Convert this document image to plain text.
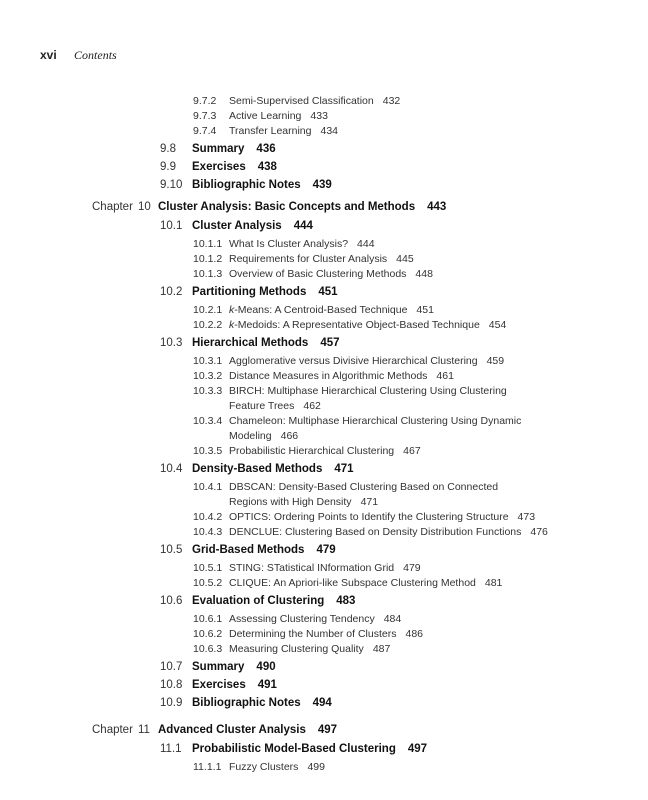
xvi Contents
9.7.2 Semi-Supervised Classification 432
9.7.3 Active Learning 433
9.7.4 Transfer Learning 434
9.8 Summary 436
9.9 Exercises 438
9.10 Bibliographic Notes 439
Chapter 10 Cluster Analysis: Basic Concepts and Methods 443
10.1 Cluster Analysis 444
10.1.1 What Is Cluster Analysis? 444
10.1.2 Requirements for Cluster Analysis 445
10.1.3 Overview of Basic Clustering Methods 448
10.2 Partitioning Methods 451
10.2.1 k-Means: A Centroid-Based Technique 451
10.2.2 k-Medoids: A Representative Object-Based Technique 454
10.3 Hierarchical Methods 457
10.3.1 Agglomerative versus Divisive Hierarchical Clustering 459
10.3.2 Distance Measures in Algorithmic Methods 461
10.3.3 BIRCH: Multiphase Hierarchical Clustering Using Clustering
Feature Trees 462
10.3.4 Chameleon: Multiphase Hierarchical Clustering Using Dynamic
Modeling 466
10.3.5 Probabilistic Hierarchical Clustering 467
10.4 Density-Based Methods 471
10.4.1 DBSCAN: Density-Based Clustering Based on Connected
Regions with High Density 471
10.4.2 OPTICS: Ordering Points to Identify the Clustering Structure 473
10.4.3 DENCLUE: Clustering Based on Density Distribution Functions 476
10.5 Grid-Based Methods 479
10.5.1 STING: STatistical INformation Grid 479
10.5.2 CLIQUE: An Apriori-like Subspace Clustering Method 481
10.6 Evaluation of Clustering 483
10.6.1 Assessing Clustering Tendency 484
10.6.2 Determining the Number of Clusters 486
10.6.3 Measuring Clustering Quality 487
10.7 Summary 490
10.8 Exercises 491
10.9 Bibliographic Notes 494
Chapter 11 Advanced Cluster Analysis 497
11.1 Probabilistic Model-Based Clustering 497
11.1.1 Fuzzy Clusters 499
